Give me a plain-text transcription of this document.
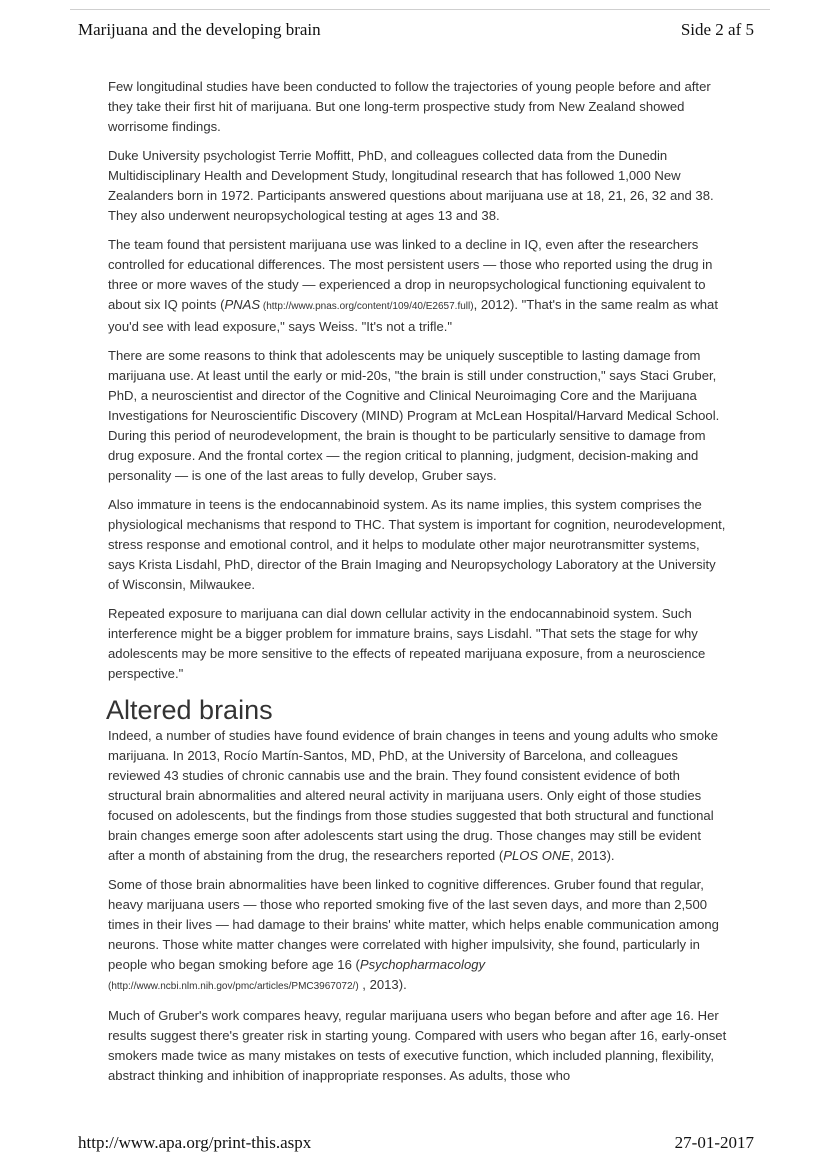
Marijuana and the developing brain	Side 2 af 5

Few longitudinal studies have been conducted to follow the trajectories of young people before and after they take their first hit of marijuana. But one long-term prospective study from New Zealand showed worrisome findings.

Duke University psychologist Terrie Moffitt, PhD, and colleagues collected data from the Dunedin Multidisciplinary Health and Development Study, longitudinal research that has followed 1,000 New Zealanders born in 1972. Participants answered questions about marijuana use at 18, 21, 26, 32 and 38. They also underwent neuropsychological testing at ages 13 and 38.

The team found that persistent marijuana use was linked to a decline in IQ, even after the researchers controlled for educational differences. The most persistent users — those who reported using the drug in three or more waves of the study — experienced a drop in neuropsychological functioning equivalent to about six IQ points (PNAS (http://www.pnas.org/content/109/40/E2657.full), 2012). "That's in the same realm as what you'd see with lead exposure," says Weiss. "It's not a trifle."

There are some reasons to think that adolescents may be uniquely susceptible to lasting damage from marijuana use. At least until the early or mid-20s, "the brain is still under construction," says Staci Gruber, PhD, a neuroscientist and director of the Cognitive and Clinical Neuroimaging Core and the Marijuana Investigations for Neuroscientific Discovery (MIND) Program at McLean Hospital/Harvard Medical School. During this period of neurodevelopment, the brain is thought to be particularly sensitive to damage from drug exposure. And the frontal cortex — the region critical to planning, judgment, decision-making and personality — is one of the last areas to fully develop, Gruber says.

Also immature in teens is the endocannabinoid system. As its name implies, this system comprises the physiological mechanisms that respond to THC. That system is important for cognition, neurodevelopment, stress response and emotional control, and it helps to modulate other major neurotransmitter systems, says Krista Lisdahl, PhD, director of the Brain Imaging and Neuropsychology Laboratory at the University of Wisconsin, Milwaukee.

Repeated exposure to marijuana can dial down cellular activity in the endocannabinoid system. Such interference might be a bigger problem for immature brains, says Lisdahl. "That sets the stage for why adolescents may be more sensitive to the effects of repeated marijuana exposure, from a neuroscience perspective."

Altered brains

Indeed, a number of studies have found evidence of brain changes in teens and young adults who smoke marijuana. In 2013, Rocío Martín-Santos, MD, PhD, at the University of Barcelona, and colleagues reviewed 43 studies of chronic cannabis use and the brain. They found consistent evidence of both structural brain abnormalities and altered neural activity in marijuana users. Only eight of those studies focused on adolescents, but the findings from those studies suggested that both structural and functional brain changes emerge soon after adolescents start using the drug. Those changes may still be evident after a month of abstaining from the drug, the researchers reported (PLOS ONE, 2013).

Some of those brain abnormalities have been linked to cognitive differences. Gruber found that regular, heavy marijuana users — those who reported smoking five of the last seven days, and more than 2,500 times in their lives — had damage to their brains' white matter, which helps enable communication among neurons. Those white matter changes were correlated with higher impulsivity, she found, particularly in people who began smoking before age 16 (Psychopharmacology
(http://www.ncbi.nlm.nih.gov/pmc/articles/PMC3967072/) , 2013).

Much of Gruber's work compares heavy, regular marijuana users who began before and after age 16. Her results suggest there's greater risk in starting young. Compared with users who began after 16, early-onset smokers made twice as many mistakes on tests of executive function, which included planning, flexibility, abstract thinking and inhibition of inappropriate responses. As adults, those who

http://www.apa.org/print-this.aspx	27-01-2017
